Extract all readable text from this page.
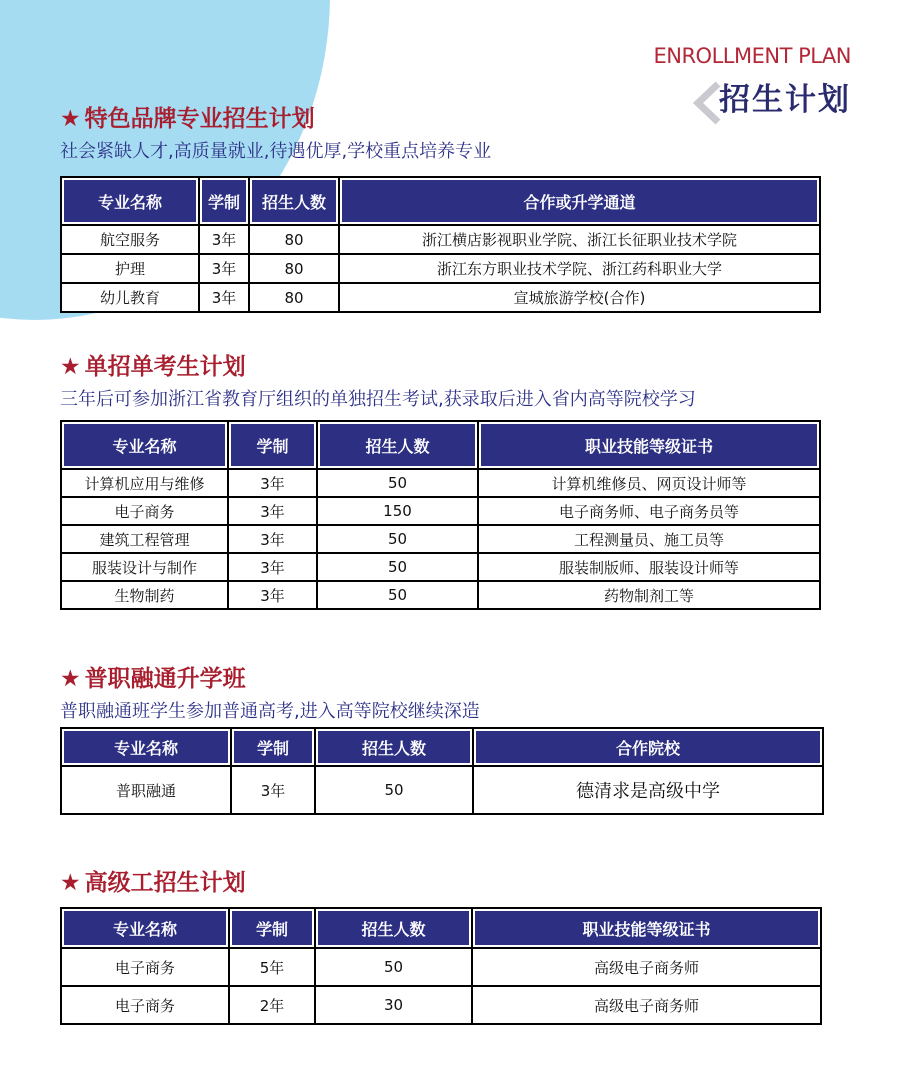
ENROLLMENT PLAN
招生计划
★ 特色品牌专业招生计划
社会紧缺人才,高质量就业,待遇优厚,学校重点培养专业
专业名称	学制	招生人数	合作或升学通道
航空服务	3年	80	浙江横店影视职业学院、浙江长征职业技术学院
护理	3年	80	浙江东方职业技术学院、浙江药科职业大学
幼儿教育	3年	80	宣城旅游学校(合作)
★ 单招单考生计划
三年后可参加浙江省教育厅组织的单独招生考试,获录取后进入省内高等院校学习
专业名称	学制	招生人数	职业技能等级证书
计算机应用与维修	3年	50	计算机维修员、网页设计师等
电子商务	3年	150	电子商务师、电子商务员等
建筑工程管理	3年	50	工程测量员、施工员等
服装设计与制作	3年	50	服装制版师、服装设计师等
生物制药	3年	50	药物制剂工等
★ 普职融通升学班
普职融通班学生参加普通高考,进入高等院校继续深造
专业名称	学制	招生人数	合作院校
普职融通	3年	50	德清求是高级中学
★ 高级工招生计划
专业名称	学制	招生人数	职业技能等级证书
电子商务	5年	50	高级电子商务师
电子商务	2年	30	高级电子商务师
